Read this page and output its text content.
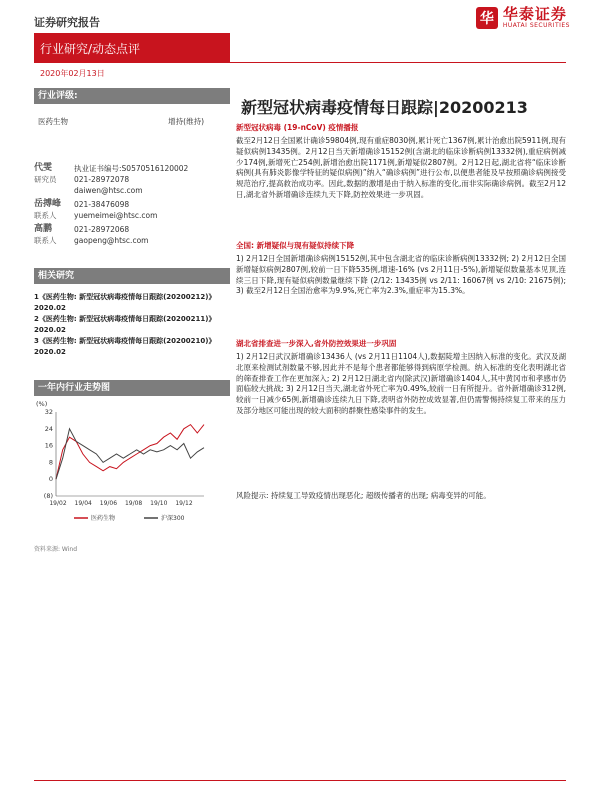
证券研究报告	华 华泰证券
HUATAI SECURITIES
行业研究/动态点评
2020年02月13日
新型冠状病毒疫情每日跟踪|20200213
行业评级:
医药生物	增持(维持)
代雯	执业证书编号: S0570516120002
研究员	021-28972078
daiwen@htsc.com
岳搏峰	021-38476098
联系人	yuemeimei@htsc.com
高鹏	021-28972068
联系人	gaopeng@htsc.com
相关研究
1《医药生物: 新型冠状病毒疫情每日跟踪(20200212)》2020.02
2《医药生物: 新型冠状病毒疫情每日跟踪(20200211)》2020.02
3《医药生物: 新型冠状病毒疫情每日跟踪(20200210)》2020.02
一年内行业走势图
(%)
32
24
16
8
0
(8)
19/02 19/04 19/06 19/08 19/10 19/12
医药生物	沪深300
资料来源: Wind
新型冠状病毒 (19-nCoV) 疫情播报
截至2月12日全国累计确诊59804例,现有重症8030例,累计死亡1367例,累计治愈出院5911例,现有疑似病例13435例。2月12日当天新增确诊15152例(含湖北的临床诊断病例13332例),重症病例减少174例,新增死亡254例,新增治愈出院1171例,新增疑似2807例。2月12日起,湖北省将“临床诊断病例(具有肺炎影像学特征的疑似病例)”纳入“确诊病例”进行公布,以便患者能及早按照确诊病例接受规范治疗,提高救治成功率。因此,数据的激增是由于纳入标准的变化,而非实际确诊病例。截至2月12日,湖北省外新增确诊连续九天下降,防控效果进一步巩固。
全国: 新增疑似与现有疑似持续下降
1) 2月12日全国新增确诊病例15152例,其中包含湖北省的临床诊断病例13332例; 2) 2月12日全国新增疑似病例2807例,较前一日下降535例,增速-16% (vs 2月11日-5%),新增疑似数量基本见顶,连续三日下降,现有疑似病例数量继续下降 (2/12: 13435例 vs 2/11: 16067例 vs 2/10: 21675例); 3) 截至2月12日全国治愈率为9.9%,死亡率为2.3%,重症率为15.3%。
湖北省排查进一步深入,省外防控效果进一步巩固
1) 2月12日武汉新增确诊13436人 (vs 2月11日1104人),数据陡增主因纳入标准的变化。武汉及湖北原来检测试剂数量不够,因此并不是每个患者都能够得到病原学检测。纳入标准的变化表明湖北省的筛查排查工作在更加深入; 2) 2月12日湖北省内(除武汉)新增确诊1404人,其中黄冈市和孝感市仍面临较大挑战; 3) 2月12日当天,湖北省外死亡率为0.49%,较前一日有所提升。省外新增确诊312例,较前一日减少65例,新增确诊连续九日下降,表明省外防控成效显著,但仍需警惕持续复工带来的压力及部分地区可能出现的较大面积的群聚性感染事件的发生。
风险提示: 持续复工导致疫情出现恶化; 超级传播者的出现; 病毒变异的可能。
